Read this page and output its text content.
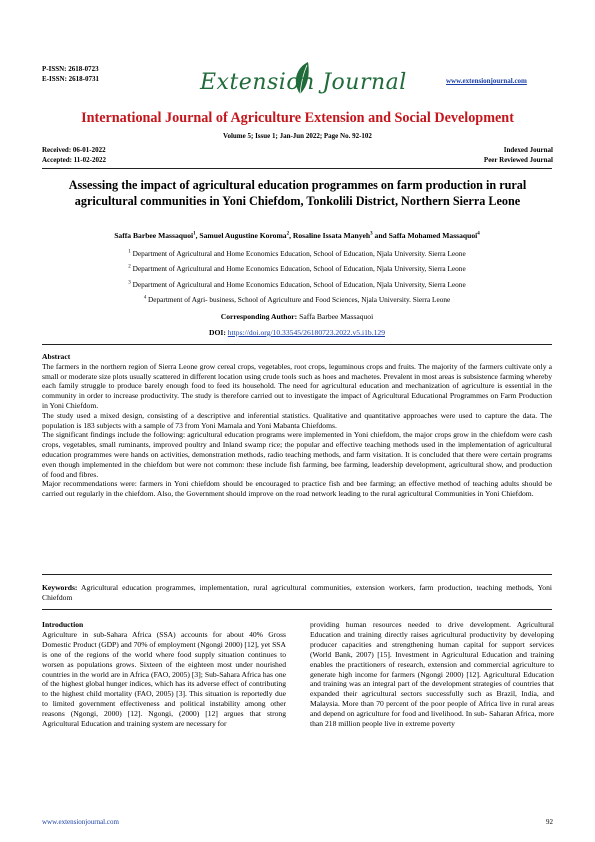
P-ISSN: 2618-0723
E-ISSN: 2618-0731	Extension Journal	www.extensionjournal.com
International Journal of Agriculture Extension and Social Development
Volume 5; Issue 1; Jan-Jun 2022; Page No. 92-102
Received: 06-01-2022
Accepted: 11-02-2022
Indexed Journal
Peer Reviewed Journal
Assessing the impact of agricultural education programmes on farm production in rural agricultural communities in Yoni Chiefdom, Tonkolili District, Northern Sierra Leone
Saffa Barbee Massaquoi$^1$, Samuel Augustine Koroma$^2$, Rosaline Issata Manyeh$^3$ and Saffa Mohamed Massaquoi$^4$
$^1$ Department of Agricultural and Home Economics Education, School of Education, Njala University. Sierra Leone
$^2$ Department of Agricultural and Home Economics Education, School of Education, Njala University, Sierra Leone
$^3$ Department of Agricultural and Home Economics Education, School of Education, Njala University, Sierra Leone
$^4$ Department of Agri- business, School of Agriculture and Food Sciences, Njala University. Sierra Leone
Corresponding Author: Saffa Barbee Massaquoi
DOI: https://doi.org/10.33545/26180723.2022.v5.i1b.129

Abstract

The farmers in the northern region of Sierra Leone grow cereal crops, vegetables, root crops, leguminous crops and fruits. The majority of the farmers cultivate only a small or moderate size plots usually scattered in different location using crude tools such as hoes and machetes. Prevalent in most areas is subsistence farming whereby each family struggle to produce barely enough food to feed its household. The need for agricultural education and mechanization of agriculture is essential in the community in order to increase productivity. The study is therefore carried out to investigate the impact of Agricultural Educational Programmes on Farm Production in Yoni Chiefdom.

The study used a mixed design, consisting of a descriptive and inferential statistics. Qualitative and quantitative approaches were used to capture the data. The population is 183 subjects with a sample of 73 from Yoni Mamala and Yoni Mabanta Chiefdoms.

The significant findings include the following: agricultural education programs were implemented in Yoni chiefdom, the major crops grow in the chiefdom were cash crops, vegetables, small ruminants, improved poultry and Inland swamp rice; the popular and effective teaching methods used in the implementation of agricultural education programmes were hands on activities, demonstration methods, radio teaching methods, and farm visitation. It is concluded that there were certain programs even though implemented in the chiefdom but were not common: these include fish farming, bee farming, leadership development, agricultural show, and production of food and fibres.

Major recommendations were: farmers in Yoni chiefdom should be encouraged to practice fish and bee farming; an effective method of teaching adults should be carried out regularly in the chiefdom. Also, the Government should improve on the road network leading to the rural agricultural Communities in Yoni Chiefdom.

Keywords: Agricultural education programmes, implementation, rural agricultural communities, extension workers, farm production, teaching methods, Yoni Chiefdom

Introduction

Agriculture in sub-Sahara Africa (SSA) accounts for about 40% Gross Domestic Product (GDP) and 70% of employment (Ngongi 2000) [12], yet SSA is one of the regions of the world where food supply situation continues to worsen as populations grows. Sixteen of the eighteen most under nourished countries in the world are in Africa (FAO, 2005) [3]; Sub-Sahara Africa has one of the highest global hunger indices, which has its adverse effect of contributing to the highest child mortality (FAO, 2005) [3]. This situation is reportedly due to limited government effectiveness and political instability among other reasons (Ngongi, 2000) [12]. Ngongi, (2000) [12] argues that strong Agricultural Education and training system are necessary for

providing human resources needed to drive development. Agricultural Education and training directly raises agricultural productivity by developing producer capacities and strengthening human capital for support services (World Bank, 2007) [15]. Investment in Agricultural Education and training enables the practitioners of research, extension and commercial agriculture to generate high income for farmers (Ngongi 2000) [12]. Agricultural Education and training was an integral part of the development strategies of countries that expanded their agricultural sectors successfully such as Brazil, India, and Malaysia. More than 70 percent of the poor people of Africa live in rural areas and depend on agriculture for food and livelihood. In sub- Saharan Africa, more than 218 million people live in extreme poverty

www.extensionjournal.com	92
